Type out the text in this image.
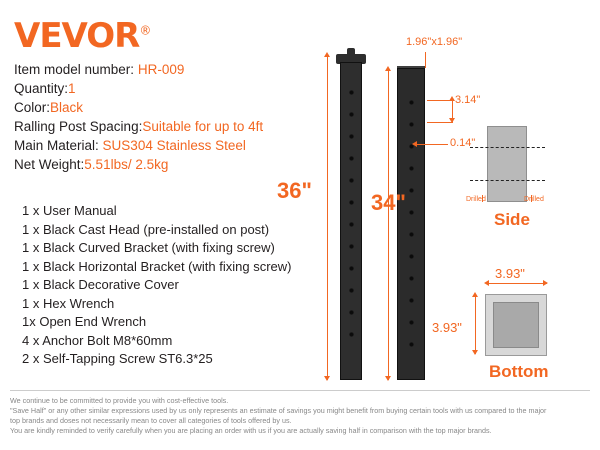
VEVOR®
Item model number: HR-009
Quantity:1
Color:Black
Ralling Post Spacing:Suitable for up to 4ft
Main Material: SUS304 Stainless Steel
Net Weight:5.51lbs/ 2.5kg
1 x User Manual
1 x Black Cast Head (pre-installed on post)
1 x Black Curved Bracket (with fixing screw)
1 x Black Horizontal Bracket (with fixing screw)
1 x Black Decorative Cover
1 x Hex Wrench
1x Open End Wrench
4 x Anchor Bolt M8*60mm
2 x Self-Tapping Screw ST6.3*25
36"	34"
1.96"x1.96"
3.14"
0.14"
Drilled	Drilled
Side
3.93"
3.93"
Bottom
We continue to be committed to provide you with cost-effective tools.
"Save Half" or any other similar expressions used by us only represents an estimate of savings you might benefit from buying certain tools with us compared to the major
top brands and doses not necessarily mean to cover all categories of tools offered by us.
You are kindly reminded to verify carefully when you are placing an order with us if you are actually saving half in comparison with the top major brands.
